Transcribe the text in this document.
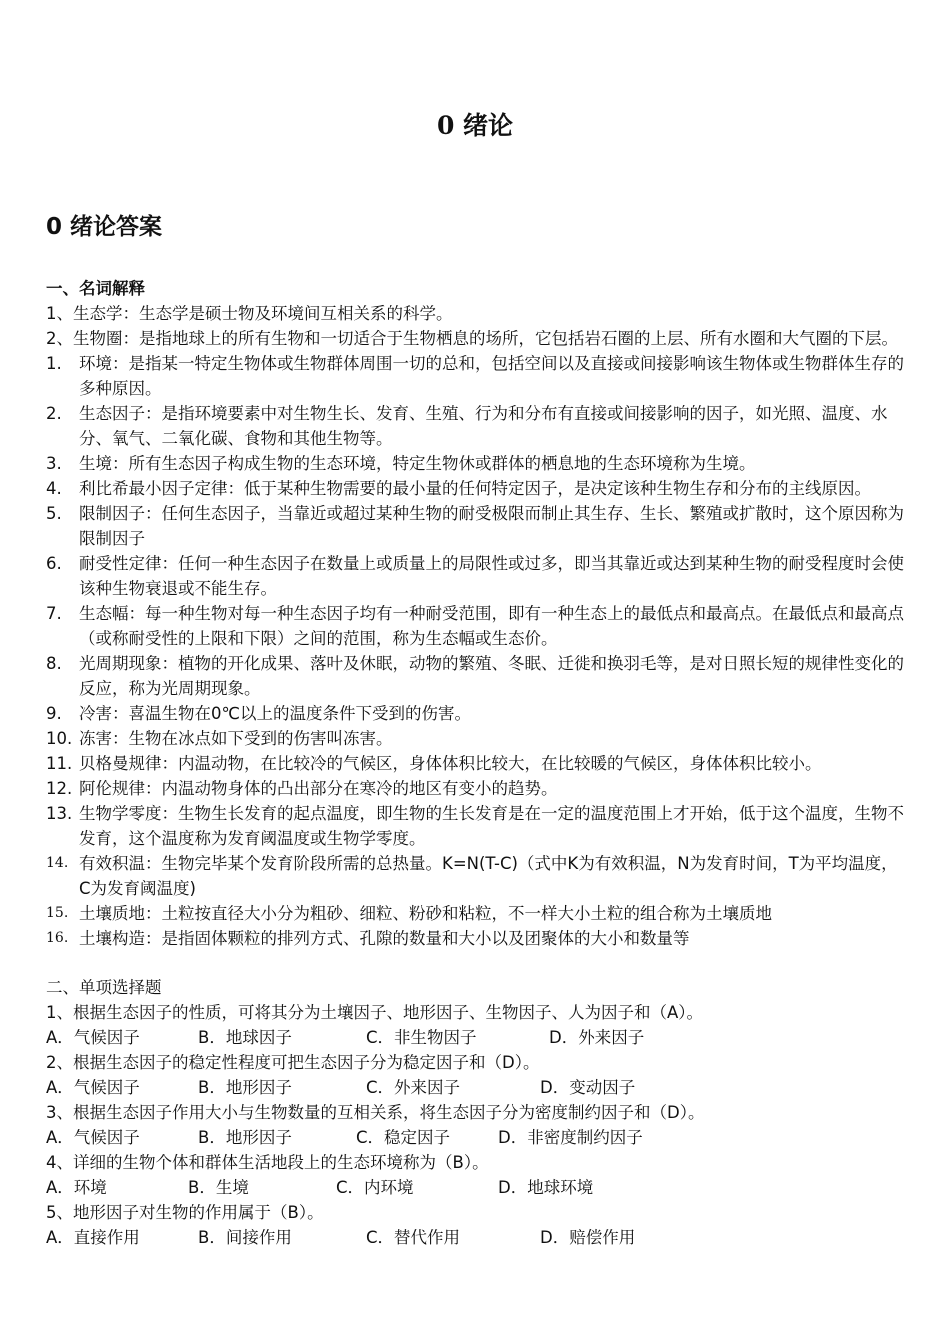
0 绪论
0 绪论答案
一、名词解释
1、 生态学：生态学是硕士物及环境间互相关系的科学。
2、 生物圈：是指地球上的所有生物和一切适合于生物栖息的场所，它包括岩石圈的上层、所有水圈和大气圈的下层。
1.	环境：是指某一特定生物体或生物群体周围一切的总和，包括空间以及直接或间接影响该生物体或生物群体生存的多种原因。
2.	生态因子：是指环境要素中对生物生长、发育、生殖、行为和分布有直接或间接影响的因子，如光照、温度、水分、氧气、二氧化碳、食物和其他生物等。
3.	生境：所有生态因子构成生物的生态环境，特定生物休或群体的栖息地的生态环境称为生境。
4.	利比希最小因子定律：低于某种生物需要的最小量的任何特定因子，是决定该种生物生存和分布的主线原因。
5.	限制因子：任何生态因子，当靠近或超过某种生物的耐受极限而制止其生存、生长、繁殖或扩散时，这个原因称为限制因子
6.	耐受性定律：任何一种生态因子在数量上或质量上的局限性或过多，即当其靠近或达到某种生物的耐受程度时会使该种生物衰退或不能生存。
7.	生态幅：每一种生物对每一种生态因子均有一种耐受范围，即有一种生态上的最低点和最高点。在最低点和最高点（或称耐受性的上限和下限）之间的范围，称为生态幅或生态价。
8.	光周期现象：植物的开化成果、落叶及休眠，动物的繁殖、冬眠、迁徙和换羽毛等，是对日照长短的规律性变化的反应，称为光周期现象。
9.	冷害：喜温生物在0℃以上的温度条件下受到的伤害。
10. 冻害：生物在冰点如下受到的伤害叫冻害。
11. 贝格曼规律：内温动物，在比较冷的气候区，身体体积比较大，在比较暖的气候区，身体体积比较小。
12. 阿伦规律：内温动物身体的凸出部分在寒冷的地区有变小的趋势。
13. 生物学零度：生物生长发育的起点温度，即生物的生长发育是在一定的温度范围上才开始，低于这个温度，生物不发育，这个温度称为发育阈温度或生物学零度。
14. 有效积温：生物完毕某个发育阶段所需的总热量。K=N(T-C)（式中K为有效积温，N为发育时间，T为平均温度，C为发育阈温度)
15. 土壤质地：土粒按直径大小分为粗砂、细粒、粉砂和粘粒，不一样大小土粒的组合称为土壤质地
16. 土壤构造：是指固体颗粒的排列方式、孔隙的数量和大小以及团聚体的大小和数量等
二、单项选择题
1、根据生态因子的性质，可将其分为土壤因子、地形因子、生物因子、人为因子和（A）。
A．气候因子	B．地球因子	C．非生物因子	D．外来因子
2、根据生态因子的稳定性程度可把生态因子分为稳定因子和（D）。
A．气候因子	B．地形因子	C．外来因子	D．变动因子
3、根据生态因子作用大小与生物数量的互相关系，将生态因子分为密度制约因子和（D）。
A．气候因子	B．地形因子	C．稳定因子	D．非密度制约因子
4、详细的生物个体和群体生活地段上的生态环境称为（B）。
A．环境	B．生境	C．内环境	D．地球环境
5、地形因子对生物的作用属于（B）。
A．直接作用	B．间接作用	C．替代作用	D．赔偿作用
